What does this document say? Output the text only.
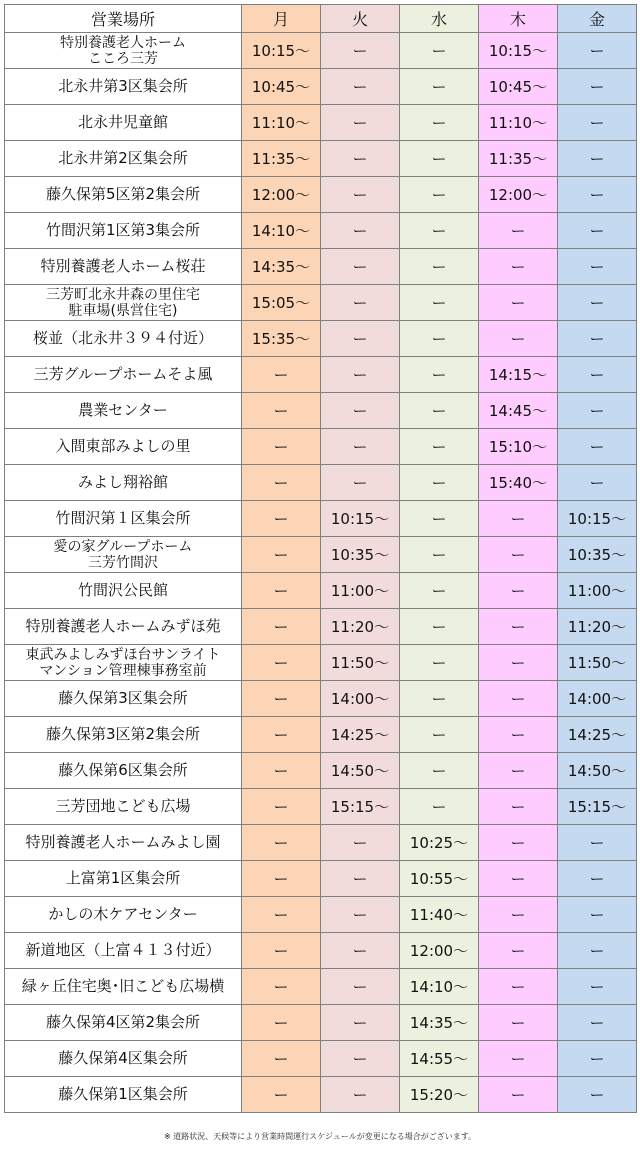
営業場所	月	火	水	木	金

特別養護老人ホーム
こころ三芳	10:15〜	ー	ー	10:15〜	ー

北永井第3区集会所	10:45〜	ー	ー	10:45〜	ー

北永井児童館	11:10〜	ー	ー	11:10〜	ー

北永井第2区集会所	11:35〜	ー	ー	11:35〜	ー

藤久保第5区第2集会所	12:00〜	ー	ー	12:00〜	ー

竹間沢第1区第3集会所	14:10〜	ー	ー	ー	ー

特別養護老人ホーム桜荘	14:35〜	ー	ー	ー	ー

三芳町北永井森の里住宅
駐車場(県営住宅)	15:05〜	ー	ー	ー	ー

桜並（北永井３９４付近）	15:35〜	ー	ー	ー	ー

三芳グループホームそよ風	ー	ー	ー	14:15〜	ー

農業センター	ー	ー	ー	14:45〜	ー

入間東部みよしの里	ー	ー	ー	15:10〜	ー

みよし翔裕館	ー	ー	ー	15:40〜	ー

竹間沢第１区集会所	ー	10:15〜	ー	ー	10:15〜

愛の家グループホーム
三芳竹間沢	ー	10:35〜	ー	ー	10:35〜

竹間沢公民館	ー	11:00〜	ー	ー	11:00〜

特別養護老人ホームみずほ苑	ー	11:20〜	ー	ー	11:20〜

東武みよしみずほ台サンライト
マンション管理棟事務室前	ー	11:50〜	ー	ー	11:50〜

藤久保第3区集会所	ー	14:00〜	ー	ー	14:00〜

藤久保第3区第2集会所	ー	14:25〜	ー	ー	14:25〜

藤久保第6区集会所	ー	14:50〜	ー	ー	14:50〜

三芳団地こども広場	ー	15:15〜	ー	ー	15:15〜

特別養護老人ホームみよし園	ー	ー	10:25〜	ー	ー

上富第1区集会所	ー	ー	10:55〜	ー	ー

かしの木ケアセンター	ー	ー	11:40〜	ー	ー

新道地区（上富４１３付近）	ー	ー	12:00〜	ー	ー

緑ヶ丘住宅奥･旧こども広場横	ー	ー	14:10〜	ー	ー

藤久保第4区第2集会所	ー	ー	14:35〜	ー	ー

藤久保第4区集会所	ー	ー	14:55〜	ー	ー

藤久保第1区集会所	ー	ー	15:20〜	ー	ー
※ 道路状況、天候等により営業時間運行スケジュールが変更になる場合がございます。
